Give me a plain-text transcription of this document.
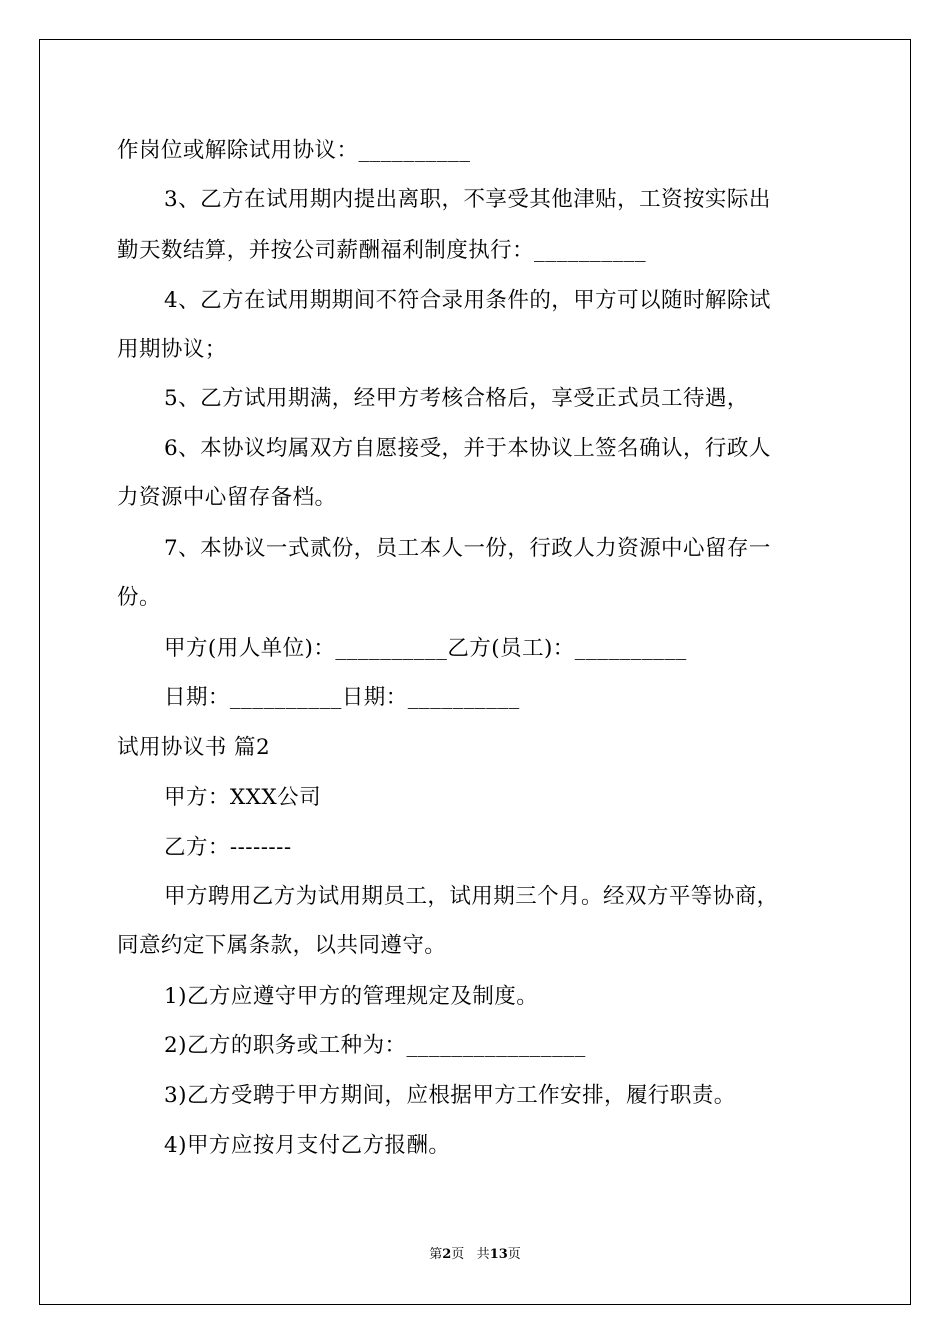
作岗位或解除试用协议：__________
3、乙方在试用期内提出离职，不享受其他津贴，工资按实际出
勤天数结算，并按公司薪酬福利制度执行：__________
4、乙方在试用期期间不符合录用条件的，甲方可以随时解除试
用期协议；
5、乙方试用期满，经甲方考核合格后，享受正式员工待遇，
6、本协议均属双方自愿接受，并于本协议上签名确认，行政人
力资源中心留存备档。
7、本协议一式贰份，员工本人一份，行政人力资源中心留存一
份。
甲方(用人单位)：__________乙方(员工)：__________
日期：__________日期：__________
试用协议书 篇2
甲方：XXX公司
乙方：--------
甲方聘用乙方为试用期员工，试用期三个月。经双方平等协商，
同意约定下属条款，以共同遵守。
1)乙方应遵守甲方的管理规定及制度。
2)乙方的职务或工种为：________________
3)乙方受聘于甲方期间，应根据甲方工作安排，履行职责。
4)甲方应按月支付乙方报酬。
第2页 共13页
